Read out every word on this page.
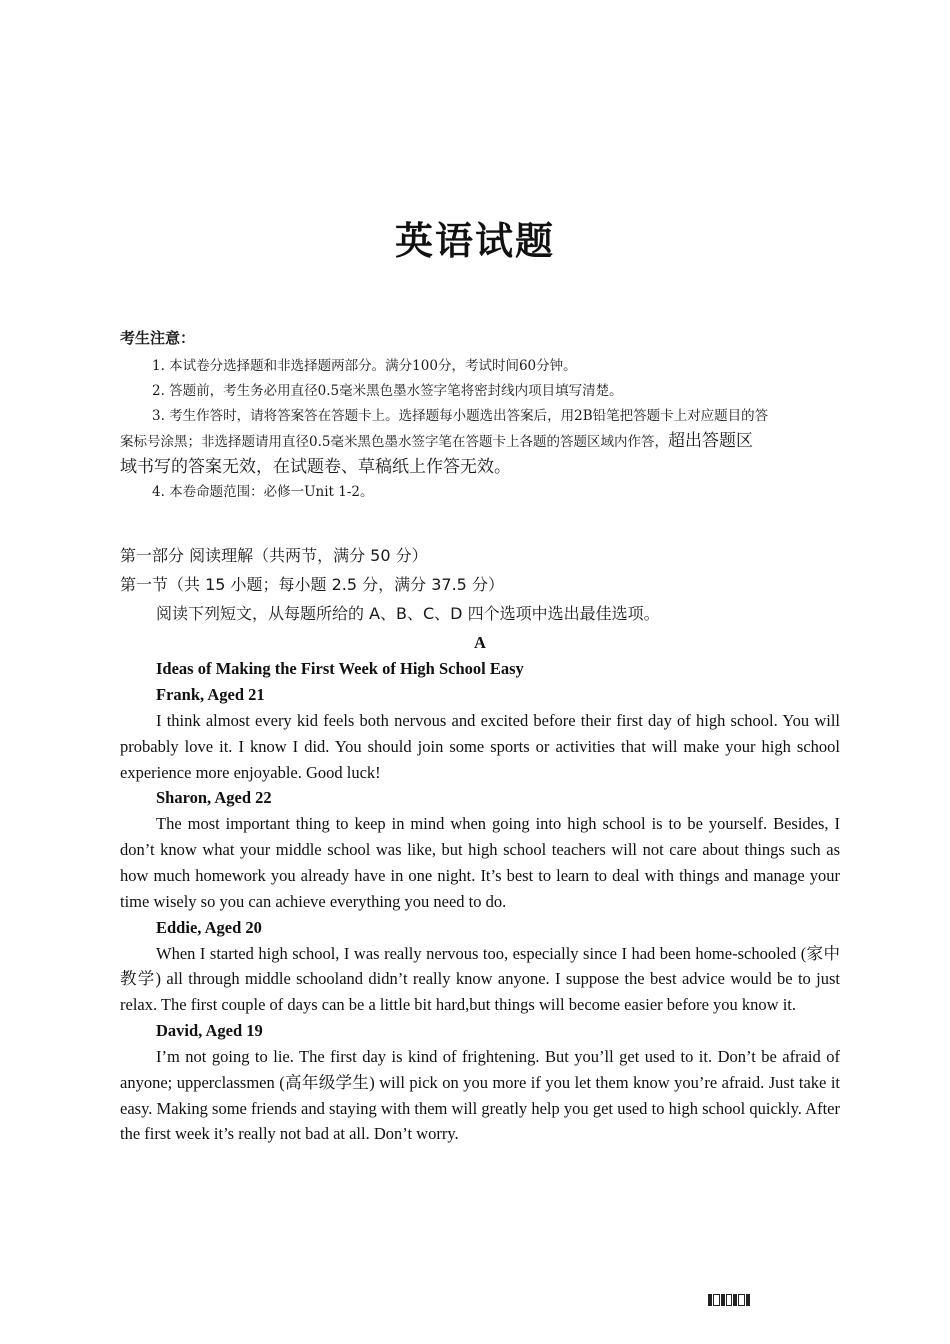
英语试题
考生注意：
1. 本试卷分选择题和非选择题两部分。满分100分，考试时间60分钟。
2. 答题前，考生务必用直径0.5毫米黑色墨水签字笔将密封线内项目填写清楚。
3. 考生作答时，请将答案答在答题卡上。选择题每小题选出答案后，用2B铅笔把答题卡上对应题目的答
案标号涂黑；非选择题请用直径0.5毫米黑色墨水签字笔在答题卡上各题的答题区域内作答，超出答题区
域书写的答案无效，在试题卷、草稿纸上作答无效。
4. 本卷命题范围：必修一Unit 1-2。
第一部分 阅读理解（共两节，满分 50 分）
第一节（共 15 小题；每小题 2.5 分，满分 37.5 分）
阅读下列短文，从每题所给的 A、B、C、D 四个选项中选出最佳选项。
A
Ideas of Making the First Week of High School Easy
Frank, Aged 21
I think almost every kid feels both nervous and excited before their first day of high school. You will probably love it. I know I did. You should join some sports or activities that will make your high school experience more enjoyable. Good luck!
Sharon, Aged 22
The most important thing to keep in mind when going into high school is to be yourself. Besides, I don’t know what your middle school was like, but high school teachers will not care about things such as how much homework you already have in one night. It’s best to learn to deal with things and manage your time wisely so you can achieve everything you need to do.
Eddie, Aged 20
When I started high school, I was really nervous too, especially since I had been home-schooled (家中教学) all through middle schooland didn’t really know anyone. I suppose the best advice would be to just relax. The first couple of days can be a little bit hard,but things will become easier before you know it.
David, Aged 19
I’m not going to lie. The first day is kind of frightening. But you’ll get used to it. Don’t be afraid of anyone; upperclassmen (高年级学生) will pick on you more if you let them know you’re afraid. Just take it easy. Making some friends and staying with them will greatly help you get used to high school quickly. After the first week it’s really not bad at all. Don’t worry.
